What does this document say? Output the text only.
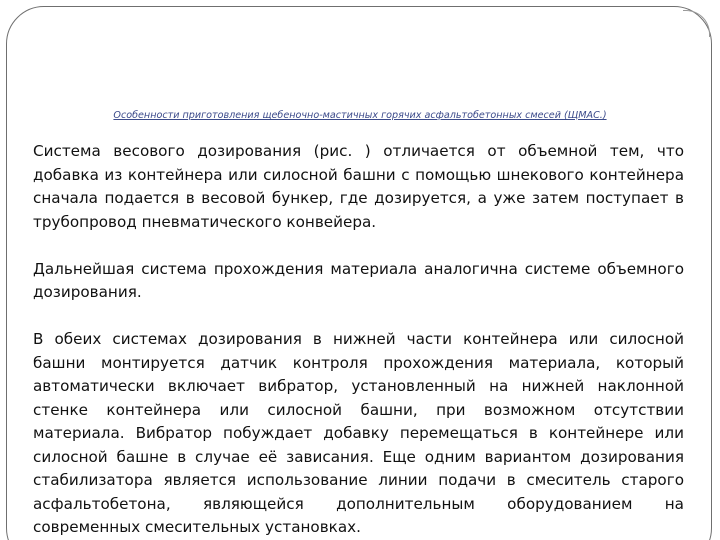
Особенности приготовления щебеночно-мастичных горячих асфальтобетонных смесей (ЩМАС.)

Система весового дозирования (рис. ) отличается от объемной тем, что добавка из контейнера или силосной башни с помощью шнекового контейнера сначала подается в весовой бункер, где дозируется, а уже затем поступает в трубопровод пневматического конвейера.

Дальнейшая система прохождения материала аналогична системе объемного дозирования.

В обеих системах дозирования в нижней части контейнера или силосной башни монтируется датчик контроля прохождения материала, который автоматически включает вибратор, установленный на нижней наклонной стенке контейнера или силосной башни, при возможном отсутствии материала. Вибратор побуждает добавку перемещаться в контейнере или силосной башне в случае её зависания. Еще одним вариантом дозирования стабилизатора является использование линии подачи в смеситель старого асфальтобетона, являющейся дополнительным оборудованием на современных смесительных установках.
